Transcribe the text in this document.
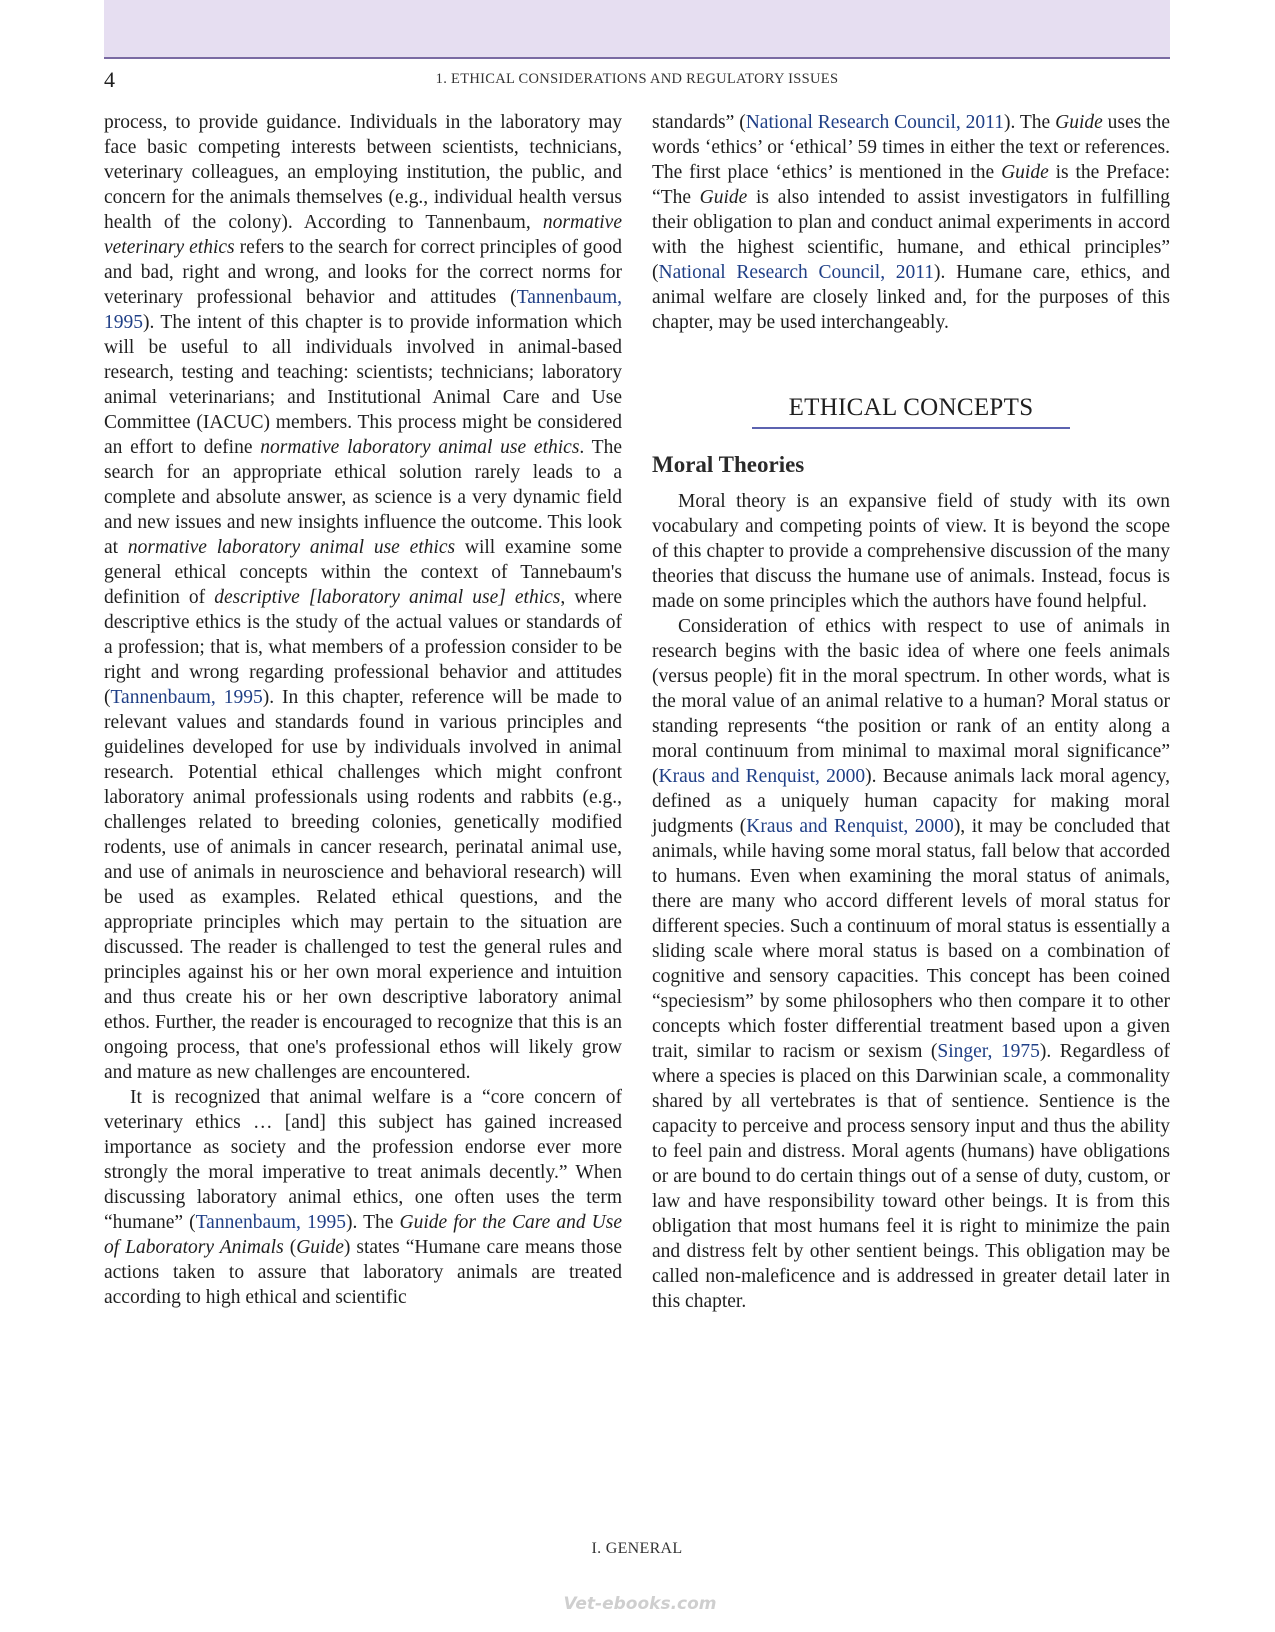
4	1. ETHICAL CONSIDERATIONS AND REGULATORY ISSUES

process, to provide guidance. Individuals in the laboratory may face basic competing interests between scientists, technicians, veterinary colleagues, an employing institution, the public, and concern for the animals themselves (e.g., individual health versus health of the colony). According to Tannenbaum, normative veterinary ethics refers to the search for correct principles of good and bad, right and wrong, and looks for the correct norms for veterinary professional behavior and attitudes (Tannenbaum, 1995). The intent of this chapter is to provide information which will be useful to all individuals involved in animal-based research, testing and teaching: scientists; technicians; laboratory animal veterinarians; and Institutional Animal Care and Use Committee (IACUC) members. This process might be considered an effort to define normative laboratory animal use ethics. The search for an appropriate ethical solution rarely leads to a complete and absolute answer, as science is a very dynamic field and new issues and new insights influence the outcome. This look at normative laboratory animal use ethics will examine some general ethical concepts within the context of Tannebaum's definition of descriptive [laboratory animal use] ethics, where descriptive ethics is the study of the actual values or standards of a profession; that is, what members of a profession consider to be right and wrong regarding professional behavior and attitudes (Tannenbaum, 1995). In this chapter, reference will be made to relevant values and standards found in various principles and guidelines developed for use by individuals involved in animal research. Potential ethical challenges which might confront laboratory animal professionals using rodents and rabbits (e.g., challenges related to breeding colonies, genetically modified rodents, use of animals in cancer research, perinatal animal use, and use of animals in neuroscience and behavioral research) will be used as examples. Related ethical questions, and the appropriate principles which may pertain to the situation are discussed. The reader is challenged to test the general rules and principles against his or her own moral experience and intuition and thus create his or her own descriptive laboratory animal ethos. Further, the reader is encouraged to recognize that this is an ongoing process, that one's professional ethos will likely grow and mature as new challenges are encountered.

It is recognized that animal welfare is a “core concern of veterinary ethics … [and] this subject has gained increased importance as society and the profession endorse ever more strongly the moral imperative to treat animals decently.” When discussing laboratory animal ethics, one often uses the term “humane” (Tannenbaum, 1995). The Guide for the Care and Use of Laboratory Animals (Guide) states “Humane care means those actions taken to assure that laboratory animals are treated according to high ethical and scientific

standards” (National Research Council, 2011). The Guide uses the words ‘ethics’ or ‘ethical’ 59 times in either the text or references. The first place ‘ethics’ is mentioned in the Guide is the Preface: “The Guide is also intended to assist investigators in fulfilling their obligation to plan and conduct animal experiments in accord with the highest scientific, humane, and ethical principles” (National Research Council, 2011). Humane care, ethics, and animal welfare are closely linked and, for the purposes of this chapter, may be used interchangeably.

ETHICAL CONCEPTS
Moral Theories

Moral theory is an expansive field of study with its own vocabulary and competing points of view. It is beyond the scope of this chapter to provide a comprehensive discussion of the many theories that discuss the humane use of animals. Instead, focus is made on some principles which the authors have found helpful.

Consideration of ethics with respect to use of animals in research begins with the basic idea of where one feels animals (versus people) fit in the moral spectrum. In other words, what is the moral value of an animal relative to a human? Moral status or standing represents “the position or rank of an entity along a moral continuum from minimal to maximal moral significance” (Kraus and Renquist, 2000). Because animals lack moral agency, defined as a uniquely human capacity for making moral judgments (Kraus and Renquist, 2000), it may be concluded that animals, while having some moral status, fall below that accorded to humans. Even when examining the moral status of animals, there are many who accord different levels of moral status for different species. Such a continuum of moral status is essentially a sliding scale where moral status is based on a combination of cognitive and sensory capacities. This concept has been coined “speciesism” by some philosophers who then compare it to other concepts which foster differential treatment based upon a given trait, similar to racism or sexism (Singer, 1975). Regardless of where a species is placed on this Darwinian scale, a commonality shared by all vertebrates is that of sentience. Sentience is the capacity to perceive and process sensory input and thus the ability to feel pain and distress. Moral agents (humans) have obligations or are bound to do certain things out of a sense of duty, custom, or law and have responsibility toward other beings. It is from this obligation that most humans feel it is right to minimize the pain and distress felt by other sentient beings. This obligation may be called non-maleficence and is addressed in greater detail later in this chapter.

I. GENERAL
Vet-ebooks.com
